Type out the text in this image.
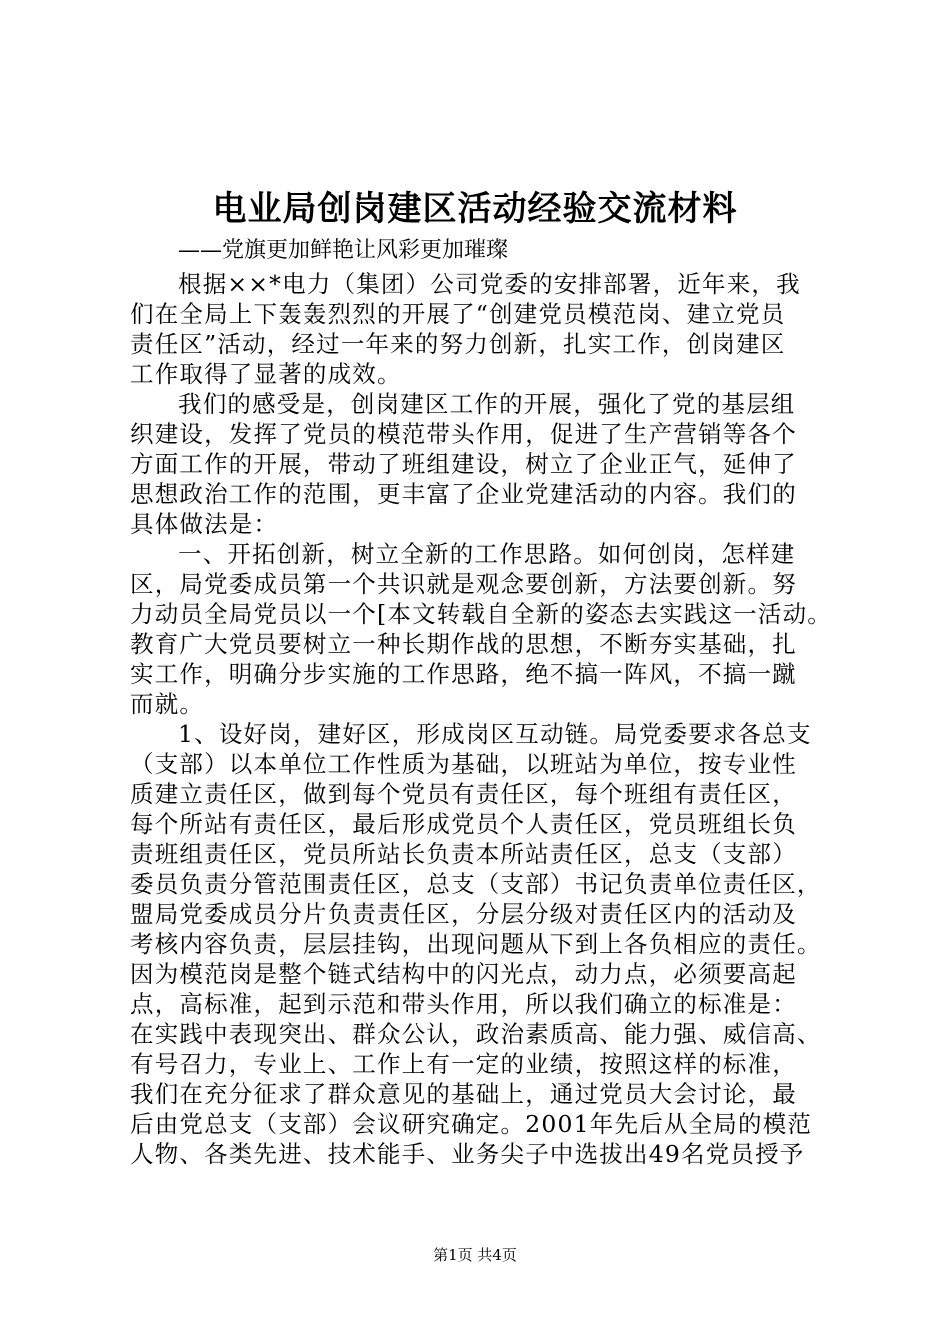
电业局创岗建区活动经验交流材料
——党旗更加鲜艳让风彩更加璀璨
根据××*电力（集团）公司党委的安排部署，近年来，我
们在全局上下轰轰烈烈的开展了“创建党员模范岗、建立党员
责任区”活动，经过一年来的努力创新，扎实工作，创岗建区
工作取得了显著的成效。
我们的感受是，创岗建区工作的开展，强化了党的基层组
织建设，发挥了党员的模范带头作用，促进了生产营销等各个
方面工作的开展，带动了班组建设，树立了企业正气，延伸了
思想政治工作的范围，更丰富了企业党建活动的内容。我们的
具体做法是：
一、开拓创新，树立全新的工作思路。如何创岗，怎样建
区，局党委成员第一个共识就是观念要创新，方法要创新。努
力动员全局党员以一个[本文转载自全新的姿态去实践这一活动。
教育广大党员要树立一种长期作战的思想，不断夯实基础，扎
实工作，明确分步实施的工作思路，绝不搞一阵风，不搞一蹴
而就。
1、设好岗，建好区，形成岗区互动链。局党委要求各总支
（支部）以本单位工作性质为基础，以班站为单位，按专业性
质建立责任区，做到每个党员有责任区，每个班组有责任区，
每个所站有责任区，最后形成党员个人责任区，党员班组长负
责班组责任区，党员所站长负责本所站责任区，总支（支部）
委员负责分管范围责任区，总支（支部）书记负责单位责任区，
盟局党委成员分片负责责任区，分层分级对责任区内的活动及
考核内容负责，层层挂钩，出现问题从下到上各负相应的责任。
因为模范岗是整个链式结构中的闪光点，动力点，必须要高起
点，高标准，起到示范和带头作用，所以我们确立的标准是：
在实践中表现突出、群众公认，政治素质高、能力强、威信高、
有号召力，专业上、工作上有一定的业绩，按照这样的标准，
我们在充分征求了群众意见的基础上，通过党员大会讨论，最
后由党总支（支部）会议研究确定。2001年先后从全局的模范
人物、各类先进、技术能手、业务尖子中选拔出49名党员授予
第1页 共4页
